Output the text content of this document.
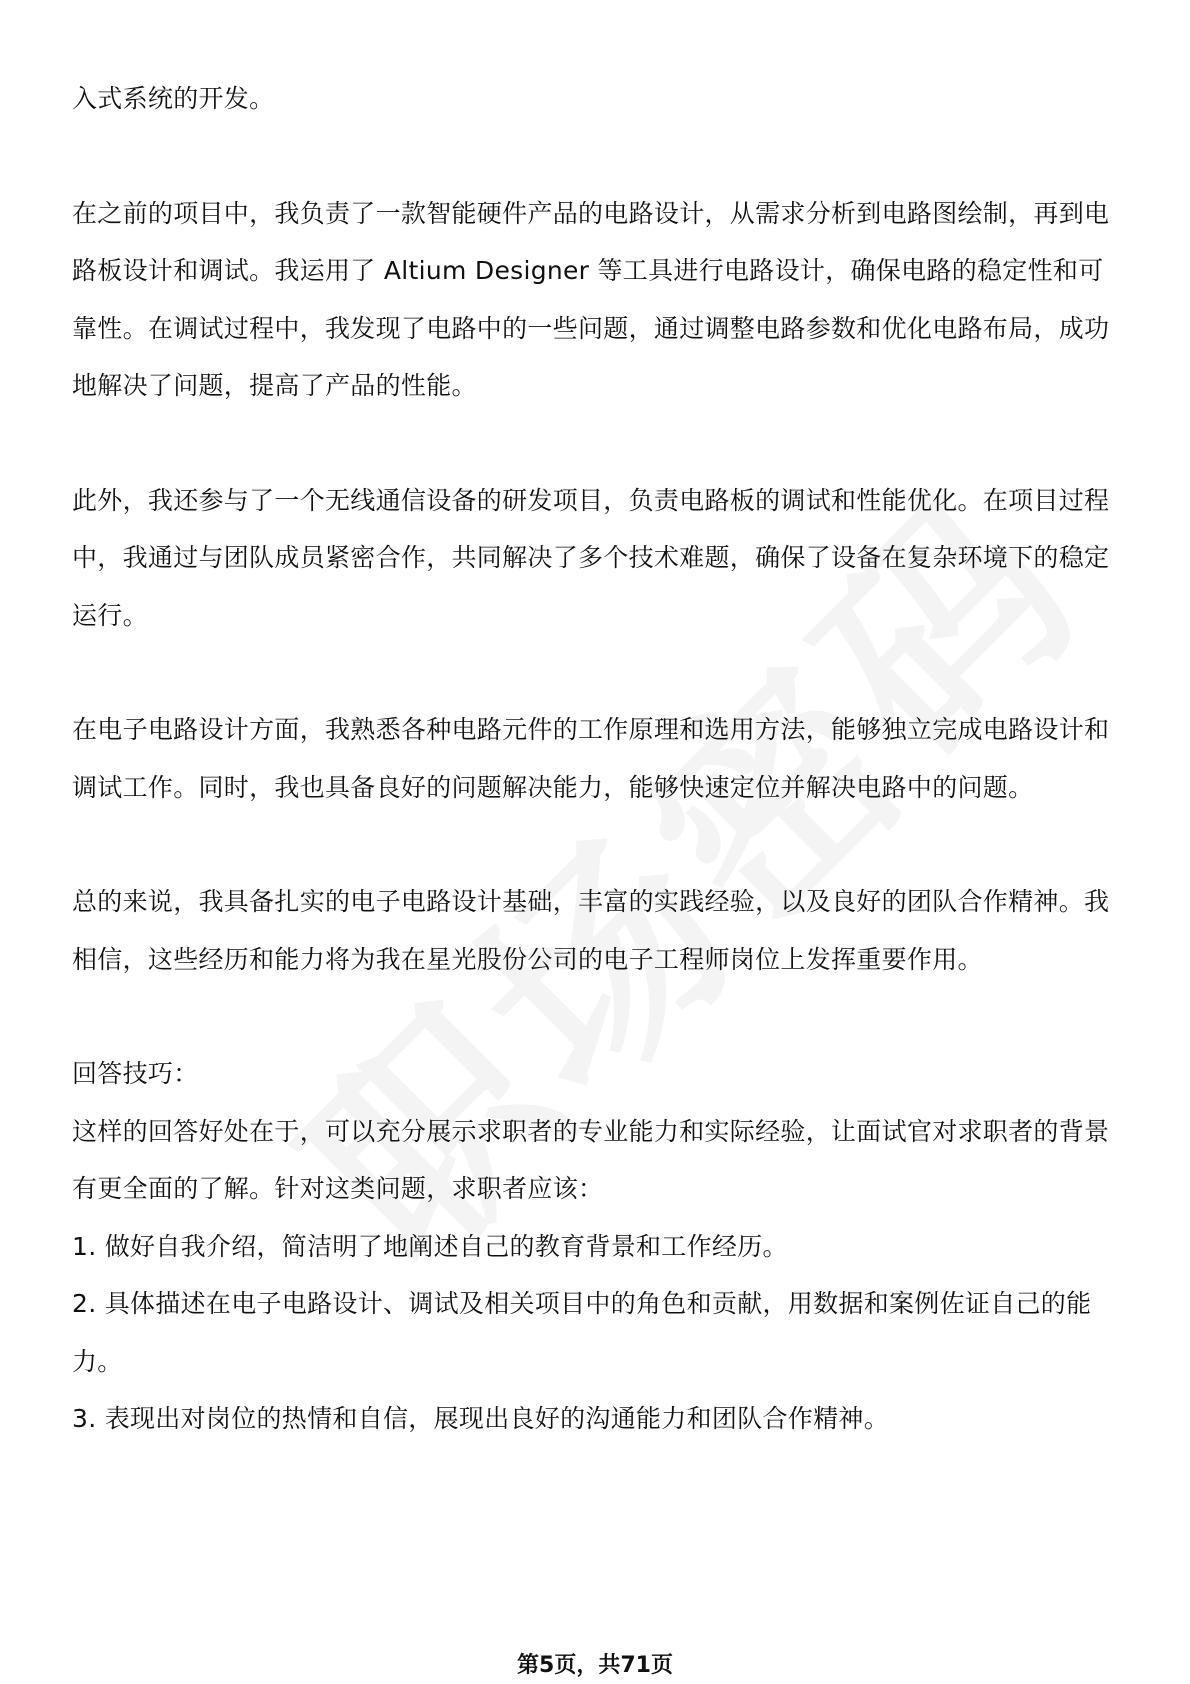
入式系统的开发。

在之前的项目中，我负责了一款智能硬件产品的电路设计，从需求分析到电路图绘制，再到电路板设计和调试。我运用了 Altium Designer 等工具进行电路设计，确保电路的稳定性和可靠性。在调试过程中，我发现了电路中的一些问题，通过调整电路参数和优化电路布局，成功地解决了问题，提高了产品的性能。

此外，我还参与了一个无线通信设备的研发项目，负责电路板的调试和性能优化。在项目过程中，我通过与团队成员紧密合作，共同解决了多个技术难题，确保了设备在复杂环境下的稳定运行。

在电子电路设计方面，我熟悉各种电路元件的工作原理和选用方法，能够独立完成电路设计和调试工作。同时，我也具备良好的问题解决能力，能够快速定位并解决电路中的问题。

总的来说，我具备扎实的电子电路设计基础，丰富的实践经验，以及良好的团队合作精神。我相信，这些经历和能力将为我在星光股份公司的电子工程师岗位上发挥重要作用。

回答技巧：

这样的回答好处在于，可以充分展示求职者的专业能力和实际经验，让面试官对求职者的背景有更全面的了解。针对这类问题，求职者应该：

1. 做好自我介绍，简洁明了地阐述自己的教育背景和工作经历。

2. 具体描述在电子电路设计、调试及相关项目中的角色和贡献，用数据和案例佐证自己的能力。

3. 表现出对岗位的热情和自信，展现出良好的沟通能力和团队合作精神。

第5页，共71页
